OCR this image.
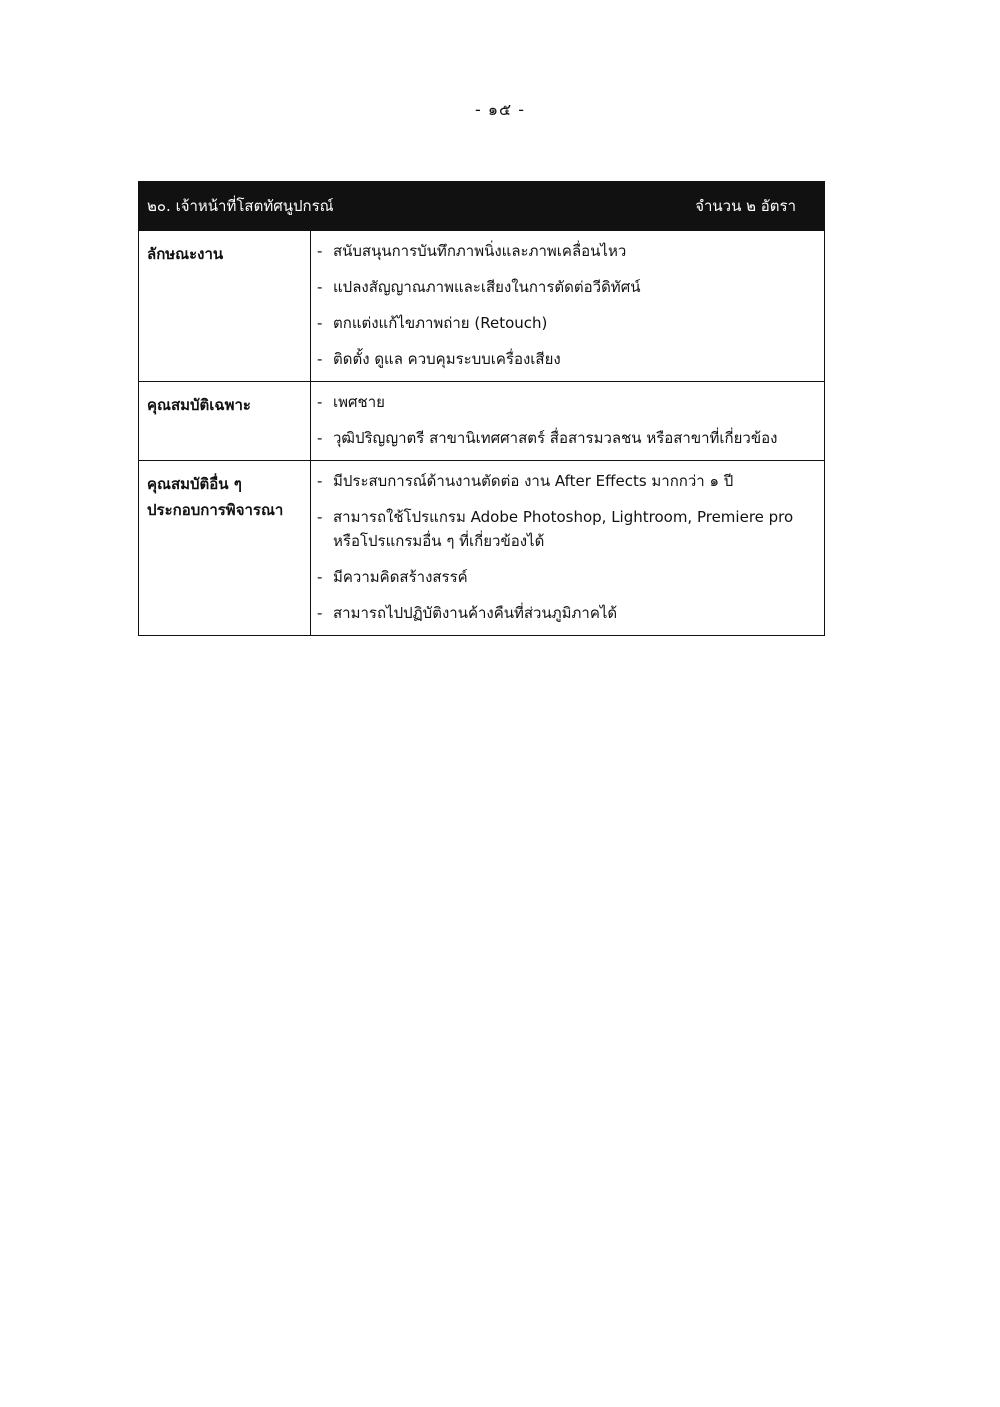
- ๑๕ -
๒๐. เจ้าหน้าที่โสตทัศนูปกรณ์	จำนวน ๒ อัตรา
ลักษณะงาน	- สนับสนุนการบันทึกภาพนิ่งและภาพเคลื่อนไหว
- แปลงสัญญาณภาพและเสียงในการตัดต่อวีดิทัศน์
- ตกแต่งแก้ไขภาพถ่าย (Retouch)
- ติดตั้ง ดูแล ควบคุมระบบเครื่องเสียง
คุณสมบัติเฉพาะ	- เพศชาย
- วุฒิปริญญาตรี สาขานิเทศศาสตร์ สื่อสารมวลชน หรือสาขาที่เกี่ยวข้อง
คุณสมบัติอื่น ๆ
ประกอบการพิจารณา
- มีประสบการณ์ด้านงานตัดต่อ งาน After Effects มากกว่า ๑ ปี
- สามารถใช้โปรแกรม Adobe Photoshop, Lightroom, Premiere pro หรือโปรแกรมอื่น ๆ ที่เกี่ยวข้องได้
- มีความคิดสร้างสรรค์
- สามารถไปปฏิบัติงานค้างคืนที่ส่วนภูมิภาคได้
